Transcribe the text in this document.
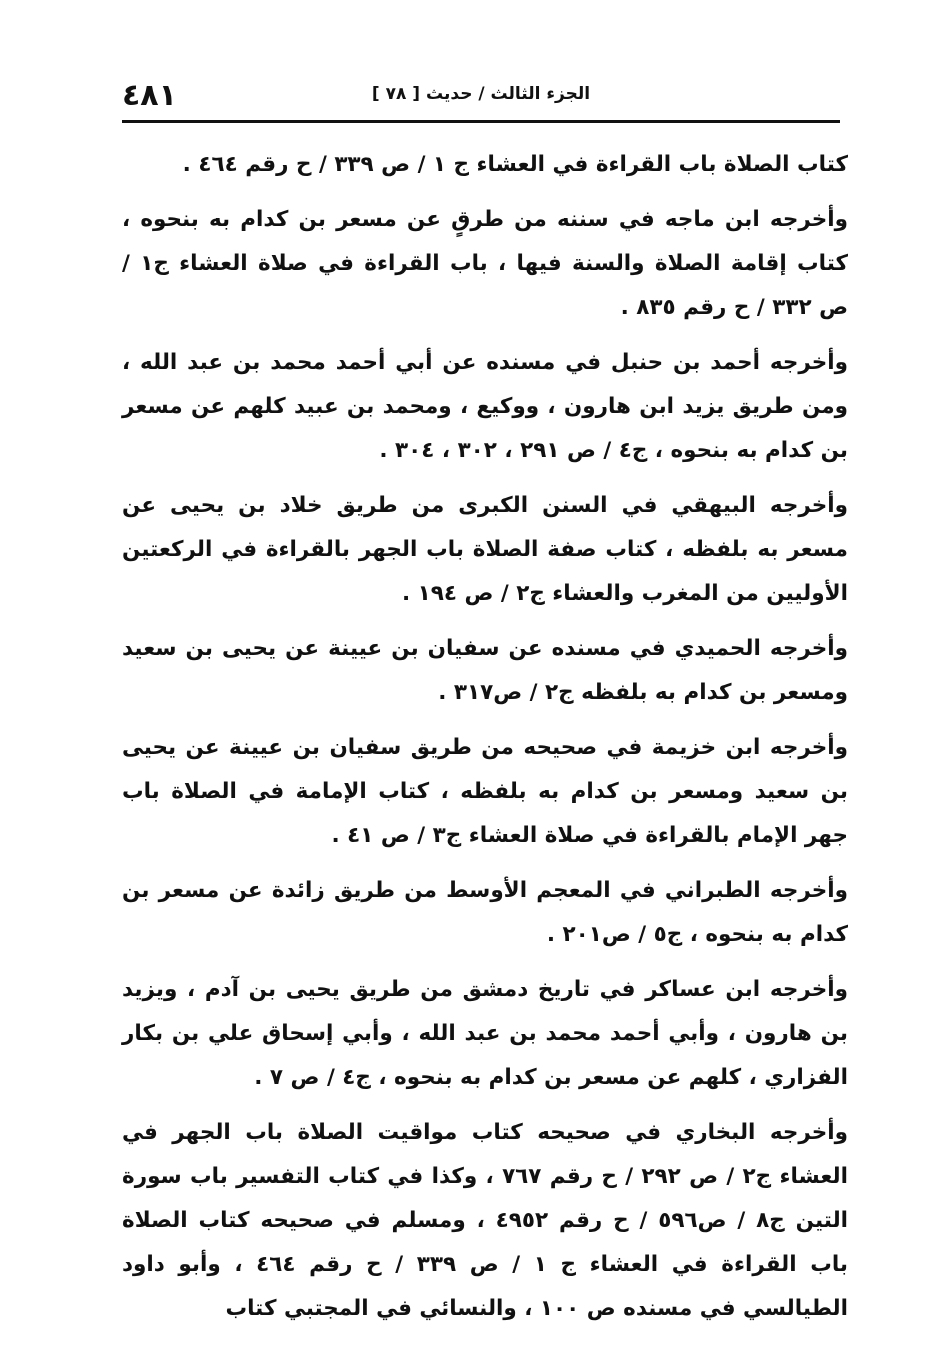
الجزء الثالث / حديث [ ٧٨ ]
٤٨١

كتاب الصلاة باب القراءة في العشاء ج ١ / ص ٣٣٩ / ح رقم ٤٦٤ .

وأخرجه ابن ماجه في سننه من طرقٍ عن مسعر بن كدام به بنحوه ، كتاب إقامة الصلاة والسنة فيها ، باب القراءة في صلاة العشاء ج١ / ص ٣٣٢ / ح رقم ٨٣٥ .

وأخرجه أحمد بن حنبل في مسنده عن أبي أحمد محمد بن عبد الله ، ومن طريق يزيد ابن هارون ، ووكيع ، ومحمد بن عبيد كلهم عن مسعر بن كدام به بنحوه ، ج٤ / ص ٢٩١ ، ٣٠٢ ، ٣٠٤ .

وأخرجه البيهقي في السنن الكبرى من طريق خلاد بن يحيى عن مسعر به بلفظه ، كتاب صفة الصلاة باب الجهر بالقراءة في الركعتين الأوليين من المغرب والعشاء ج٢ / ص ١٩٤ .

وأخرجه الحميدي في مسنده عن سفيان بن عيينة عن يحيى بن سعيد ومسعر بن كدام به بلفظه ج٢ / ص٣١٧ .

وأخرجه ابن خزيمة في صحيحه من طريق سفيان بن عيينة عن يحيى بن سعيد ومسعر بن كدام به بلفظه ، كتاب الإمامة في الصلاة باب جهر الإمام بالقراءة في صلاة العشاء ج٣ / ص ٤١ .

وأخرجه الطبراني في المعجم الأوسط من طريق زائدة عن مسعر بن كدام به بنحوه ، ج٥ / ص٢٠١ .

وأخرجه ابن عساكر في تاريخ دمشق من طريق يحيى بن آدم ، ويزيد بن هارون ، وأبي أحمد محمد بن عبد الله ، وأبي إسحاق علي بن بكار الفزاري ، كلهم عن مسعر بن كدام به بنحوه ، ج٤ / ص ٧ .

وأخرجه البخاري في صحيحه كتاب مواقيت الصلاة باب الجهر في العشاء ج٢ / ص ٢٩٢ / ح رقم ٧٦٧ ، وكذا في كتاب التفسير باب سورة التين ج٨ / ص٥٩٦ / ح رقم ٤٩٥٢ ، ومسلم في صحيحه كتاب الصلاة باب القراءة في العشاء ج ١ / ص ٣٣٩ / ح رقم ٤٦٤ ، وأبو داود الطيالسي في مسنده ص ١٠٠ ، والنسائي في المجتبي كتاب
